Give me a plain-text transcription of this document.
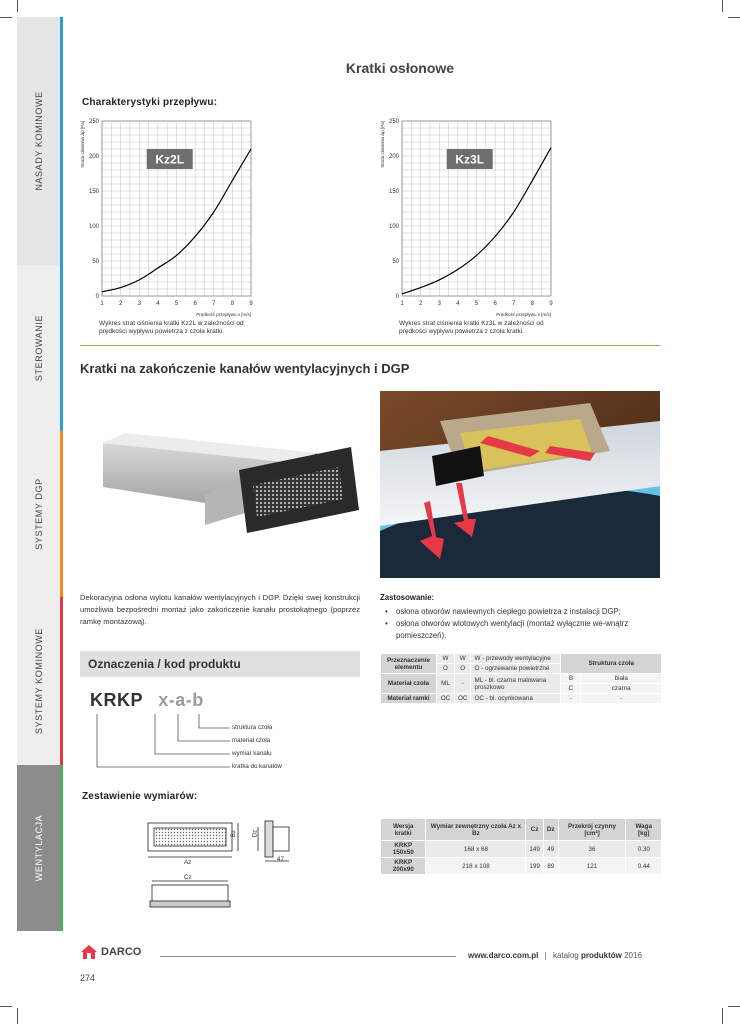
NASADY KOMINOWE
STEROWANIE
SYSTEMY DGP
SYSTEMY KOMINOWE
WENTYLACJA
Kratki osłonowe
Charakterystyki przepływu:
1	2	3	4	5	6	7	8	9
0
50
100
150
200
250
Prędkość przepływu v [m/s]
Strata ciśnienia Δp [Pa]	Kz2L
Wykres strat ciśnienia kratki Kz2L w zależności od prędkości wypływu powietrza z czoła kratki.
1	2	3	4	5	6	7	8	9
0
50
100
150
200
250
Prędkość przepływu v [m/s]
Strata ciśnienia Δp [Pa]	Kz3L
Wykres strat ciśnienia kratki Kz3L w zależności od prędkości wypływu powietrza z czoła kratki.
Kratki na zakończenie kanałów wentylacyjnych i DGP
Dekoracyjna osłona wylotu kanałów wentylacyjnych i DGP. Dzięki swej konstrukcji umożliwia bezpośredni montaż jako zakończenie kanału prostokątnego (poprzez ramkę montażową).
Zastosowanie:
• osłona otworów nawiewnych ciepłego powietrza z instalacji DGP;
• osłona otworów wlotowych wentylacji (montaż wyłącznie we-wnątrz pomieszczeń).
Oznaczenia / kod produktu
KRKP x-a-b
struktura czoła
materiał czoła
wymiar kanału
kratka do kanałów
Przeznaczenie elementu	W	W	W - przewody wentylacyjne	Struktura czoła	
	O	O	O - ogrzewanie powietrzne		
Materiał czoła	ML	-	ML - bl. czarna malowana proszkowo	B	biała
				C	czarna
Materiał ramki	OC	OC	OC - bl. ocynkowana	-	-
Zestawienie wymiarów:
Az
Bz Dz
47
Cz
Wersja kratki	Wymiar zewnętrzny czoła Az x Bz	Cz	Dz	Przekrój czynny [cm²]	Waga [kg]
KRKP 150x50	168 x 68	149	49	36	0.30
KRKP 200x90	218 x 108	199	89	121	0.44
DARCO	www.darco.com.pl | katalog produktów 2016
274
